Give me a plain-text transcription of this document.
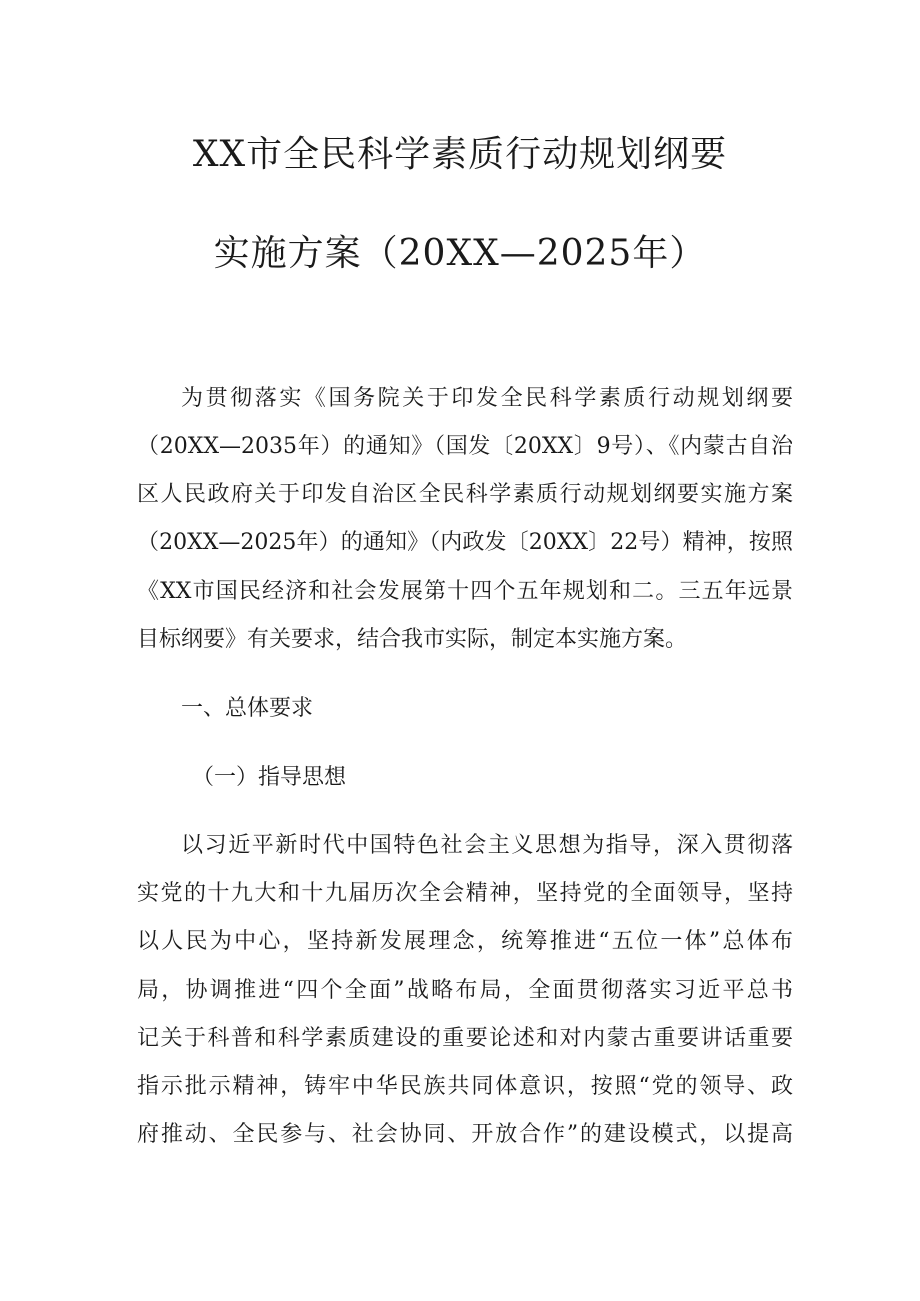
XX市全民科学素质行动规划纲要
实施方案（20XX—2025年）
为贯彻落实《国务院关于印发全民科学素质行动规划纲要
（20XX—2035年）的通知》（国发〔20XX〕9号）、《内蒙古自治
区人民政府关于印发自治区全民科学素质行动规划纲要实施方案
（20XX—2025年）的通知》（内政发〔20XX〕22号）精神，按照
《XX市国民经济和社会发展第十四个五年规划和二。三五年远景
目标纲要》有关要求，结合我市实际，制定本实施方案。
一、总体要求
（一）指导思想
以习近平新时代中国特色社会主义思想为指导，深入贯彻落
实党的十九大和十九届历次全会精神，坚持党的全面领导，坚持
以人民为中心，坚持新发展理念，统筹推进“五位一体”总体布
局，协调推进“四个全面”战略布局，全面贯彻落实习近平总书
记关于科普和科学素质建设的重要论述和对内蒙古重要讲话重要
指示批示精神，铸牢中华民族共同体意识，按照“党的领导、政
府推动、全民参与、社会协同、开放合作”的建设模式，以提高
